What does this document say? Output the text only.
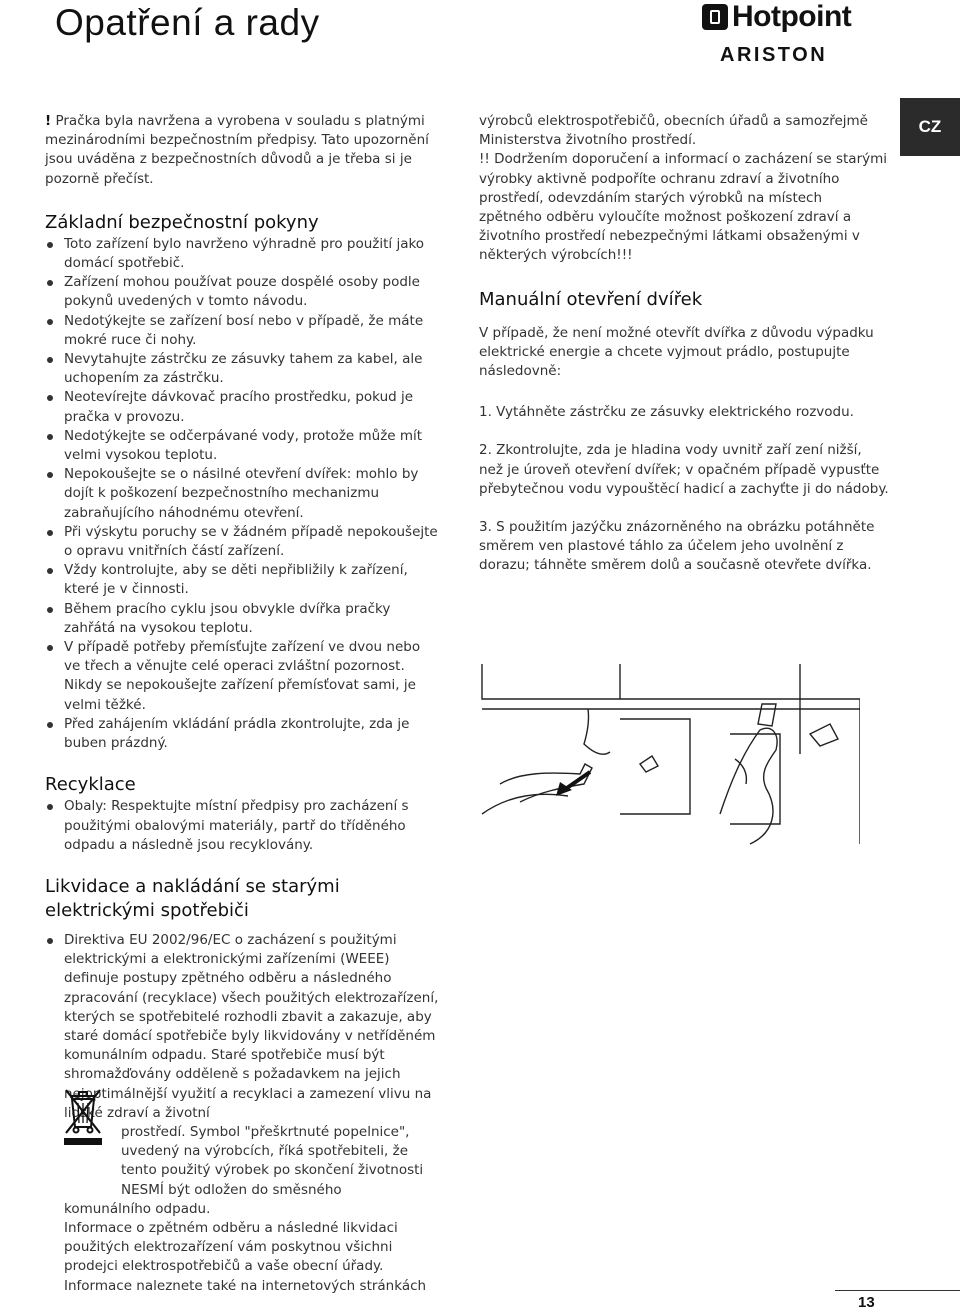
Opatření a rady	Hotpoint
ARISTON
CZ

! Pračka byla navržena a vyrobena v souladu s platnými mezinárodními bezpečnostním předpisy. Tato upozornění jsou uváděna z bezpečnostních důvodů a je třeba si je pozorně přečíst.

Základní bezpečnostní pokyny
Toto zařízení bylo navrženo výhradně pro použití jako domácí spotřebič.
Zařízení mohou používat pouze dospělé osoby podle pokynů uvedených v tomto návodu.
Nedotýkejte se zařízení bosí nebo v případě, že máte mokré ruce či nohy.
Nevytahujte zástrčku ze zásuvky tahem za kabel, ale uchopením za zástrčku.
Neotevírejte dávkovač pracího prostředku, pokud je pračka v provozu.
Nedotýkejte se odčerpávané vody, protože může mít velmi vysokou teplotu.
Nepokoušejte se o násilné otevření dvířek: mohlo by dojít k poškození bezpečnostního mechanizmu zabraňujícího náhodnému otevření.
Při výskytu poruchy se v žádném případě nepokoušejte o opravu vnitřních částí zařízení.
Vždy kontrolujte, aby se děti nepřibližily k zařízení, které je v činnosti.
Během pracího cyklu jsou obvykle dvířka pračky zahřátá na vysokou teplotu.
V případě potřeby přemísťujte zařízení ve dvou nebo ve třech a věnujte celé operaci zvláštní pozornost. Nikdy se nepokoušejte zařízení přemísťovat sami, je velmi těžké.
Před zahájením vkládání prádla zkontrolujte, zda je buben prázdný.
Recyklace
Obaly: Respektujte místní předpisy pro zacházení s použitými obalovými materiály, partř do tříděného odpadu a následně jsou recyklovány.
Likvidace a nakládání se starými
elektrickými spotřebiči
Direktiva EU 2002/96/EC o zacházení s použitými elektrickými a elektronickými zařízeními (WEEE) definuje postupy zpětného odběru a následného zpracování (recyklace) všech použitých elektrozařízení, kterých se spotřebitelé rozhodli zbavit a zakazuje, aby staré domácí spotřebiče byly likvidovány v netříděném komunálním odpadu. Staré spotřebiče musí být shromažďovány odděleně s požadavkem na jejich nejoptimálnější využití a recyklaci a zamezení vlivu na lidské zdraví a životní
prostředí. Symbol "přeškrtnuté popelnice", uvedený na výrobcích, říká spotřebiteli, že tento použitý výrobek po skončení životnosti NESMÍ být odložen do směsného
komunálního odpadu.
Informace o zpětném odběru a následné likvidaci použitých elektrozařízení vám poskytnou všichni prodejci elektrospotřebičů a vaše obecní úřady. Informace naleznete také na internetových stránkách

výrobců elektrospotřebičů, obecních úřadů a samozřejmě Ministerstva životního prostředí.

!! Dodržením doporučení a informací o zacházení se starými výrobky aktivně podpoříte ochranu zdraví a životního prostředí, odevzdáním starých výrobků na místech zpětného odběru vyloučíte možnost poškození zdraví a životního prostředí nebezpečnými látkami obsaženými v některých výrobcích!!!

Manuální otevření dvířek

V případě, že není možné otevřít dvířka z důvodu výpadku elektrické energie a chcete vyjmout prádlo, postupujte následovně:

1. Vytáhněte zástrčku ze zásuvky elektrického rozvodu.

2. Zkontrolujte, zda je hladina vody uvnitř zaří zení nižší, než je úroveň otevření dvířek; v opačném případě vypusťte přebytečnou vodu vypouštěcí hadicí a zachyťte ji do nádoby.

3. S použitím jazýčku znázorněného na obrázku potáhněte směrem ven plastové táhlo za účelem jeho uvolnění z dorazu; táhněte směrem dolů a současně otevřete dvířka.

13
